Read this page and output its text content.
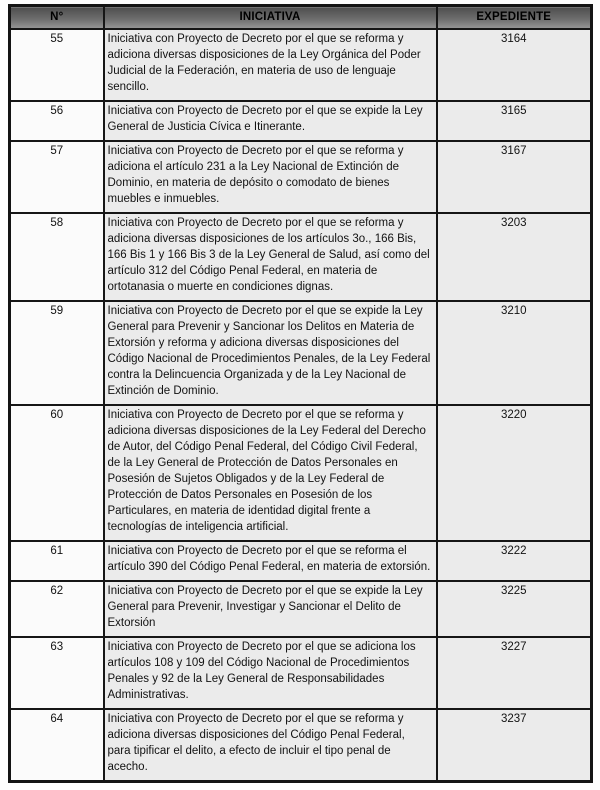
N°	INICIATIVA	EXPEDIENTE
55	Iniciativa con Proyecto de Decreto por el que se reforma y adiciona diversas disposiciones de la Ley Orgánica del Poder Judicial de la Federación, en materia de uso de lenguaje sencillo.	3164
56	Iniciativa con Proyecto de Decreto por el que se expide la Ley General de Justicia Cívica e Itinerante.	3165
57	Iniciativa con Proyecto de Decreto por el que se reforma y adiciona el artículo 231 a la Ley Nacional de Extinción de Dominio, en materia de depósito o comodato de bienes muebles e inmuebles.	3167
58	Iniciativa con Proyecto de Decreto por el que se reforma y adiciona diversas disposiciones de los artículos 3o., 166 Bis, 166 Bis 1 y 166 Bis 3 de la Ley General de Salud, así como del artículo 312 del Código Penal Federal, en materia de ortotanasia o muerte en condiciones dignas.	3203
59	Iniciativa con Proyecto de Decreto por el que se expide la Ley General para Prevenir y Sancionar los Delitos en Materia de Extorsión y reforma y adiciona diversas disposiciones del Código Nacional de Procedimientos Penales, de la Ley Federal contra la Delincuencia Organizada y de la Ley Nacional de Extinción de Dominio.	3210
60	Iniciativa con Proyecto de Decreto por el que se reforma y adiciona diversas disposiciones de la Ley Federal del Derecho de Autor, del Código Penal Federal, del Código Civil Federal, de la Ley General de Protección de Datos Personales en Posesión de Sujetos Obligados y de la Ley Federal de Protección de Datos Personales en Posesión de los Particulares, en materia de identidad digital frente a tecnologías de inteligencia artificial.	3220
61	Iniciativa con Proyecto de Decreto por el que se reforma el artículo 390 del Código Penal Federal, en materia de extorsión.	3222
62	Iniciativa con Proyecto de Decreto por el que se expide la Ley General para Prevenir, Investigar y Sancionar el Delito de Extorsión	3225
63	Iniciativa con Proyecto de Decreto por el que se adiciona los artículos 108 y 109 del Código Nacional de Procedimientos Penales y 92 de la Ley General de Responsabilidades Administrativas.	3227
64	Iniciativa con Proyecto de Decreto por el que se reforma y adiciona diversas disposiciones del Código Penal Federal, para tipificar el delito, a efecto de incluir el tipo penal de acecho.	3237
